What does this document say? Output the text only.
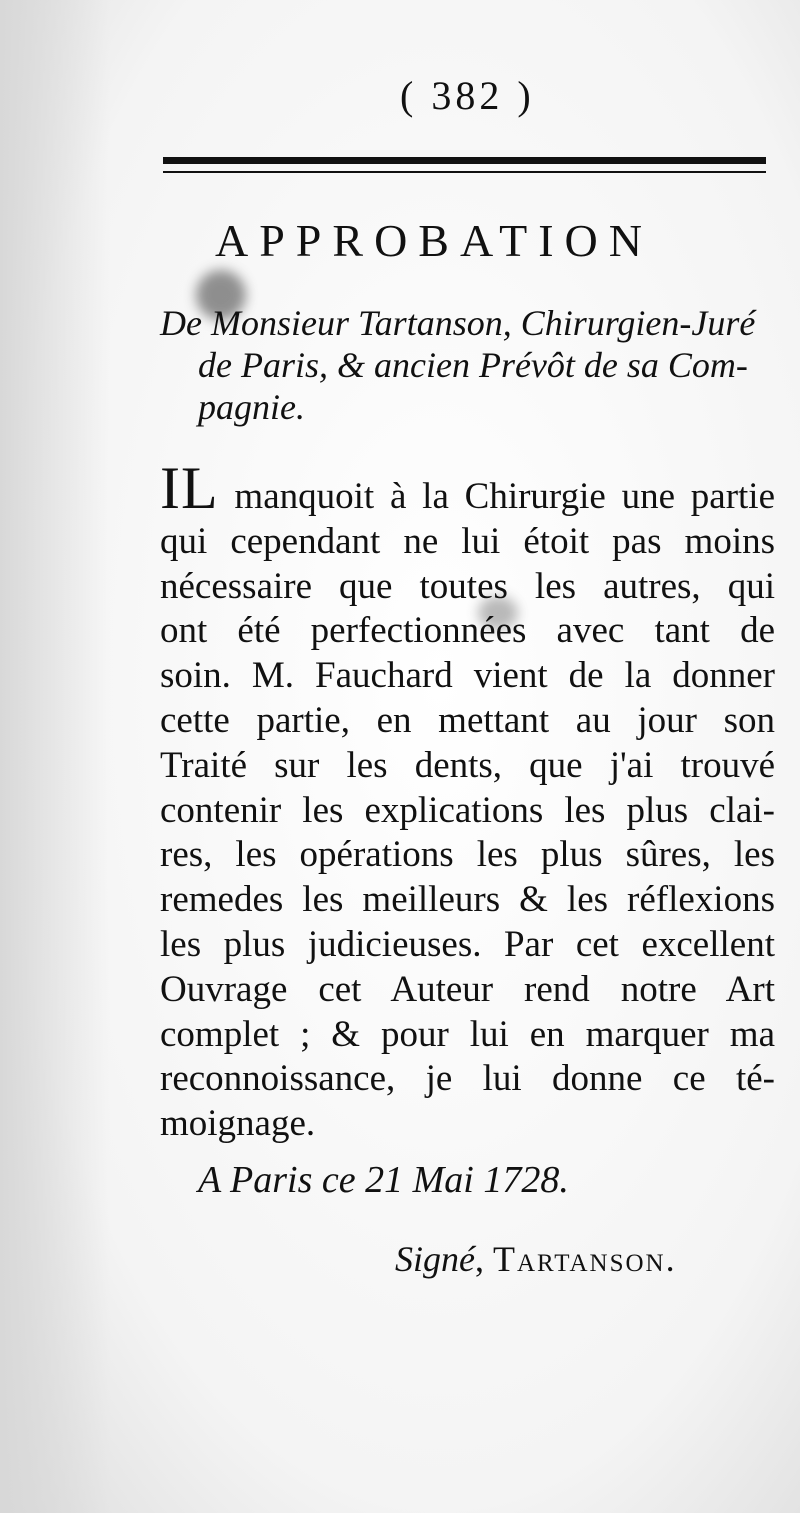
( 382 )
APPROBATION
De Monsieur Tartanson, Chirurgien-Juré
de Paris, & ancien Prévôt de sa Com-
pagnie.
IL manquoit à la Chirurgie une partie
qui cependant ne lui étoit pas moins
nécessaire que toutes les autres, qui
ont été perfectionnées avec tant de
soin. M. Fauchard vient de la donner
cette partie, en mettant au jour son
Traité sur les dents, que j'ai trouvé
contenir les explications les plus clai-
res, les opérations les plus sûres, les
remedes les meilleurs & les réflexions
les plus judicieuses. Par cet excellent
Ouvrage cet Auteur rend notre Art
complet ; & pour lui en marquer ma
reconnoissance, je lui donne ce té-
moignage.
A Paris ce 21 Mai 1728.
Signé, Tartanson.
